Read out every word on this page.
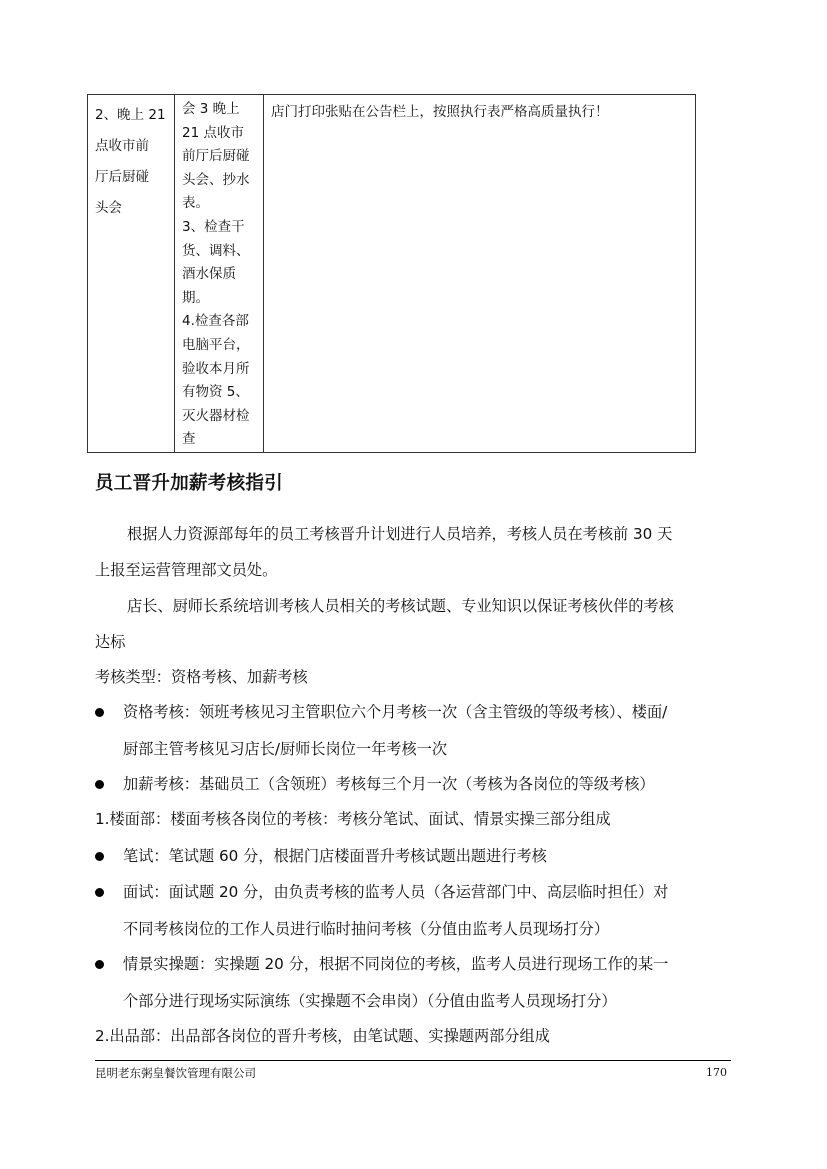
2、晚上 21
点收市前
厅后厨碰
头会

会 3 晚上
21 点收市
前厅后厨碰
头会、抄水
表。
3、检查干
货、调料、
酒水保质
期。
4.检查各部
电脑平台，
验收本月所
有物资 5、
灭火器材检
查

店门打印张贴在公告栏上，按照执行表严格高质量执行！
员工晋升加薪考核指引
根据人力资源部每年的员工考核晋升计划进行人员培养，考核人员在考核前 30 天
上报至运营管理部文员处。
店长、厨师长系统培训考核人员相关的考核试题、专业知识以保证考核伙伴的考核
达标
考核类型：资格考核、加薪考核
资格考核：领班考核见习主管职位六个月考核一次（含主管级的等级考核）、楼面/
厨部主管考核见习店长/厨师长岗位一年考核一次
加薪考核：基础员工（含领班）考核每三个月一次（考核为各岗位的等级考核）
1.楼面部：楼面考核各岗位的考核：考核分笔试、面试、情景实操三部分组成
笔试：笔试题 60 分，根据门店楼面晋升考核试题出题进行考核
面试：面试题 20 分，由负责考核的监考人员（各运营部门中、高层临时担任）对
不同考核岗位的工作人员进行临时抽问考核（分值由监考人员现场打分）
情景实操题：实操题 20 分，根据不同岗位的考核，监考人员进行现场工作的某一
个部分进行现场实际演练（实操题不会串岗）（分值由监考人员现场打分）
2.出品部：出品部各岗位的晋升考核，由笔试题、实操题两部分组成
昆明老东粥皇餐饮管理有限公司	170
